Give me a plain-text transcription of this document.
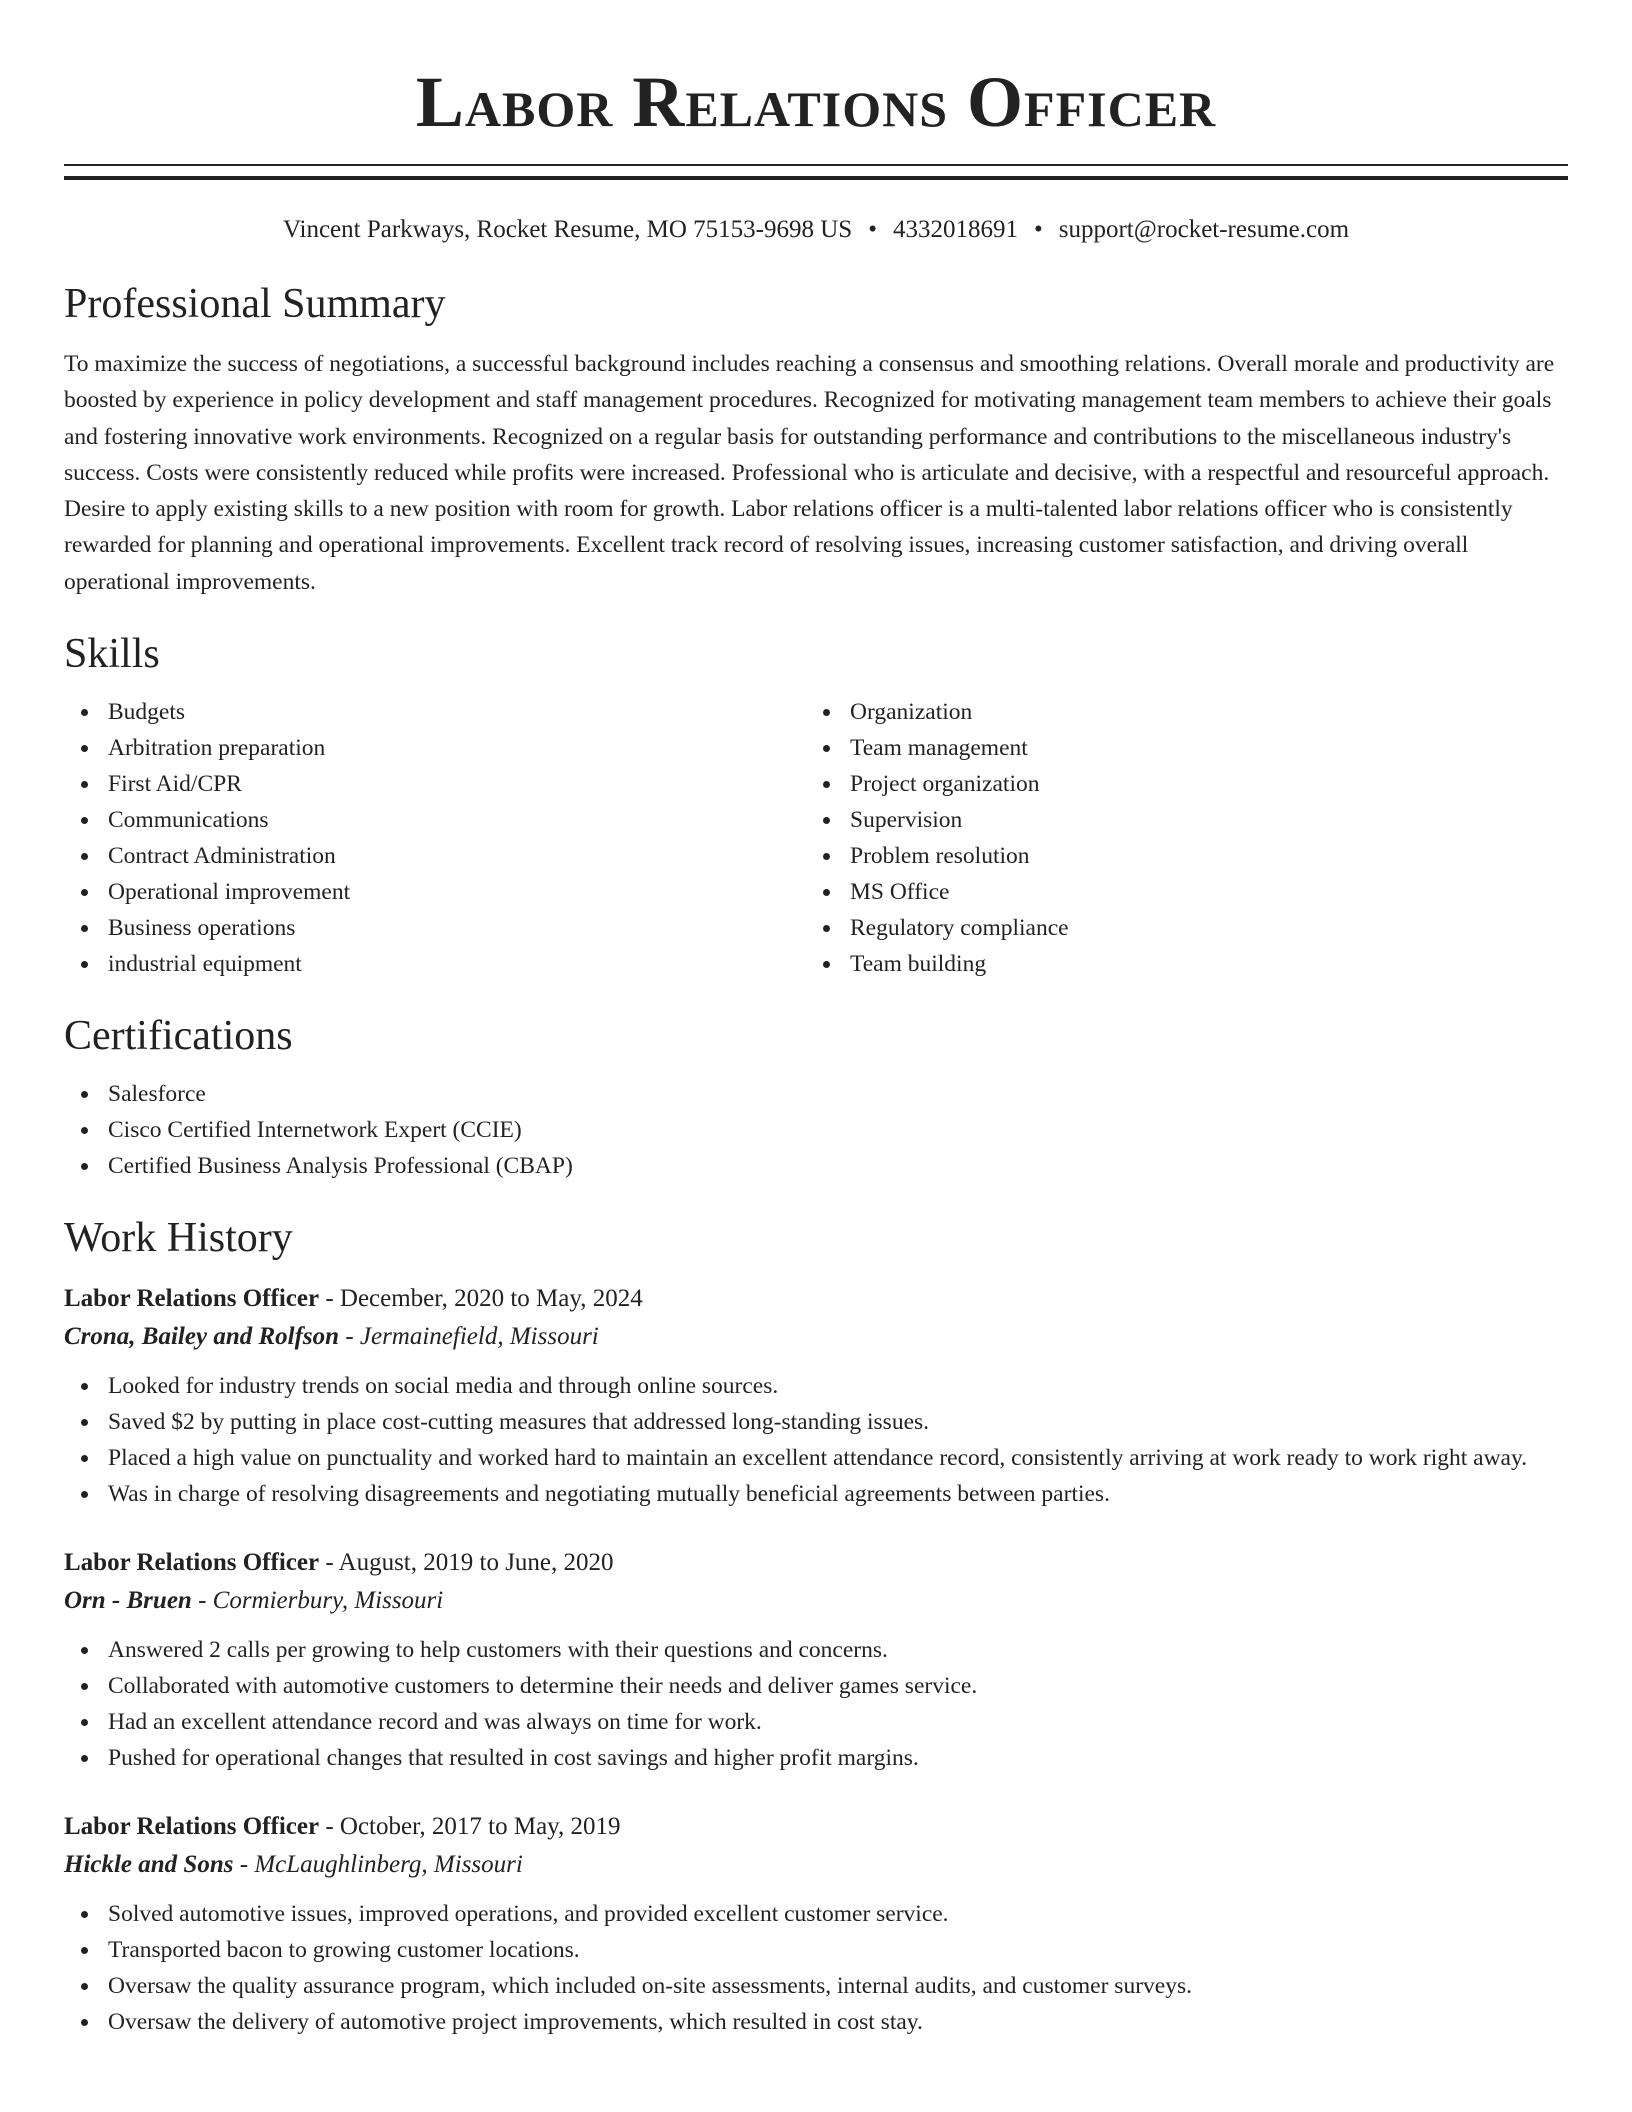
Labor Relations Officer
Vincent Parkways, Rocket Resume, MO 75153-9698 US • 4332018691 • support@rocket-resume.com
Professional Summary

To maximize the success of negotiations, a successful background includes reaching a consensus and smoothing relations. Overall morale and productivity are boosted by experience in policy development and staff management procedures. Recognized for motivating management team members to achieve their goals and fostering innovative work environments. Recognized on a regular basis for outstanding performance and contributions to the miscellaneous industry's success. Costs were consistently reduced while profits were increased. Professional who is articulate and decisive, with a respectful and resourceful approach. Desire to apply existing skills to a new position with room for growth. Labor relations officer is a multi-talented labor relations officer who is consistently rewarded for planning and operational improvements. Excellent track record of resolving issues, increasing customer satisfaction, and driving overall operational improvements.

Skills
Budgets
Arbitration preparation
First Aid/CPR
Communications
Contract Administration
Operational improvement
Business operations
industrial equipment
Organization
Team management
Project organization
Supervision
Problem resolution
MS Office
Regulatory compliance
Team building
Certifications
Salesforce
Cisco Certified Internetwork Expert (CCIE)
Certified Business Analysis Professional (CBAP)
Work History
Labor Relations Officer - December, 2020 to May, 2024
Crona, Bailey and Rolfson - Jermainefield, Missouri
Looked for industry trends on social media and through online sources.
Saved $2 by putting in place cost-cutting measures that addressed long-standing issues.
Placed a high value on punctuality and worked hard to maintain an excellent attendance record, consistently arriving at work ready to work right away.
Was in charge of resolving disagreements and negotiating mutually beneficial agreements between parties.
Labor Relations Officer - August, 2019 to June, 2020
Orn - Bruen - Cormierbury, Missouri
Answered 2 calls per growing to help customers with their questions and concerns.
Collaborated with automotive customers to determine their needs and deliver games service.
Had an excellent attendance record and was always on time for work.
Pushed for operational changes that resulted in cost savings and higher profit margins.
Labor Relations Officer - October, 2017 to May, 2019
Hickle and Sons - McLaughlinberg, Missouri
Solved automotive issues, improved operations, and provided excellent customer service.
Transported bacon to growing customer locations.
Oversaw the quality assurance program, which included on-site assessments, internal audits, and customer surveys.
Oversaw the delivery of automotive project improvements, which resulted in cost stay.
